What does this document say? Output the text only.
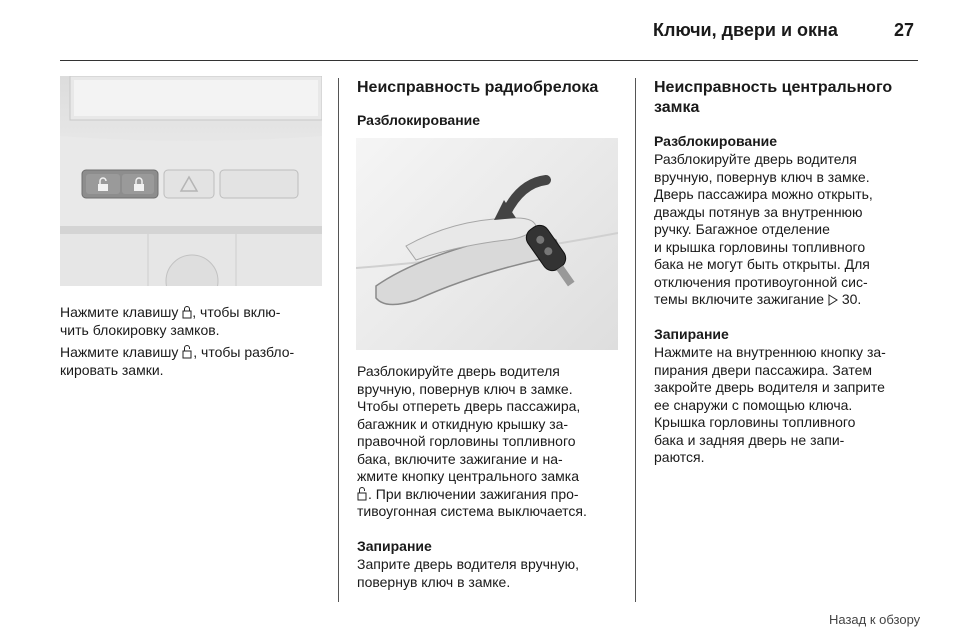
Ключи, двери и окна	27
Нажмите клавишу , чтобы вклю-
чить блокировку замков.
Нажмите клавишу , чтобы разбло-
кировать замки.
Неисправность радиобрелока
Разблокирование
Разблокируйте дверь водителя
вручную, повернув ключ в замке.
Чтобы отпереть дверь пассажира,
багажник и откидную крышку за-
правочной горловины топливного
бака, включите зажигание и на-
жмите кнопку центрального замка
. При включении зажигания про-
тивоугонная система выключается.
Запирание
Заприте дверь водителя вручную,
повернув ключ в замке.
Неисправность центрального
замка
Разблокирование
Разблокируйте дверь водителя
вручную, повернув ключ в замке.
Дверь пассажира можно открыть,
дважды потянув за внутреннюю
ручку. Багажное отделение
и крышка горловины топливного
бака не могут быть открыты. Для
отключения противоугонной сис-
темы включите зажигание  30.
Запирание
Нажмите на внутреннюю кнопку за-
пирания двери пассажира. Затем
закройте дверь водителя и заприте
ее снаружи с помощью ключа.
Крышка горловины топливного
бака и задняя дверь не запи-
раются.
Назад к обзору
